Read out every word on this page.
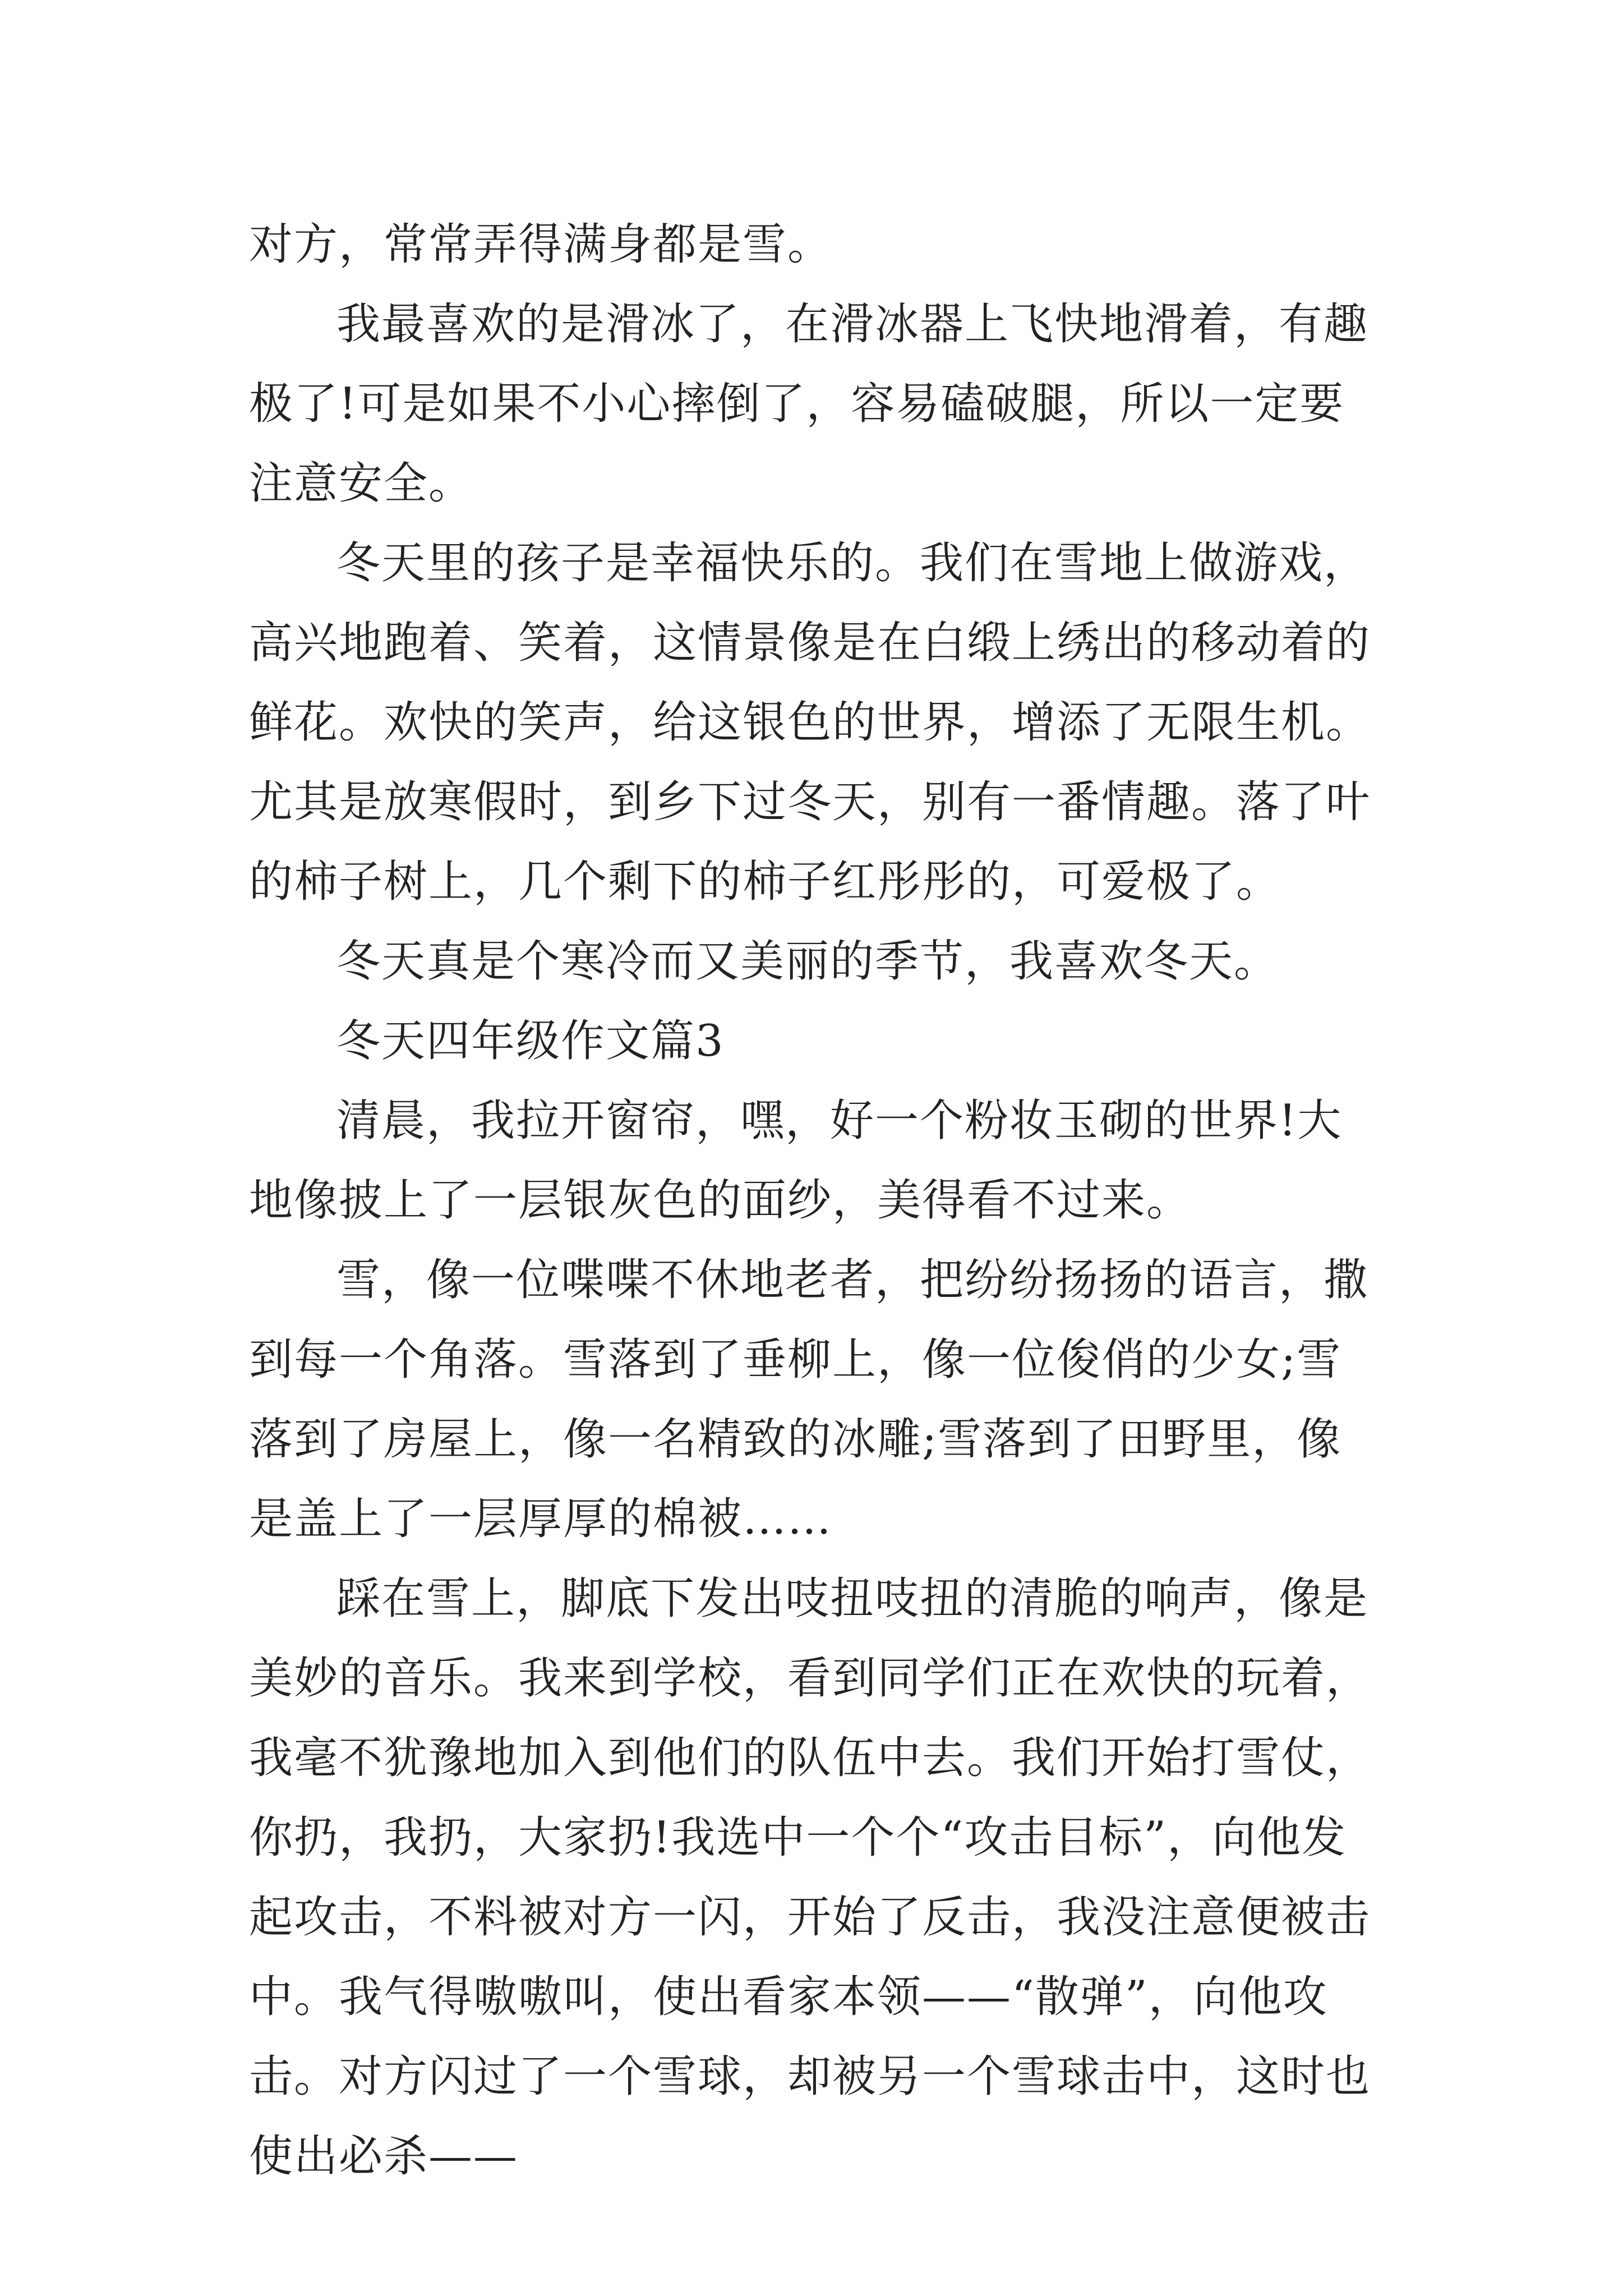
对方，常常弄得满身都是雪。

我最喜欢的是滑冰了，在滑冰器上飞快地滑着，有趣极了!可是如果不小心摔倒了，容易磕破腿，所以一定要注意安全。

冬天里的孩子是幸福快乐的。我们在雪地上做游戏，高兴地跑着、笑着，这情景像是在白缎上绣出的移动着的鲜花。欢快的笑声，给这银色的世界，增添了无限生机。尤其是放寒假时，到乡下过冬天，别有一番情趣。落了叶的柿子树上，几个剩下的柿子红彤彤的，可爱极了。

冬天真是个寒冷而又美丽的季节，我喜欢冬天。

冬天四年级作文篇3

清晨，我拉开窗帘，嘿，好一个粉妆玉砌的世界!大地像披上了一层银灰色的面纱，美得看不过来。

雪，像一位喋喋不休地老者，把纷纷扬扬的语言，撒到每一个角落。雪落到了垂柳上，像一位俊俏的少女;雪落到了房屋上，像一名精致的冰雕;雪落到了田野里，像是盖上了一层厚厚的棉被……

踩在雪上，脚底下发出吱扭吱扭的清脆的响声，像是美妙的音乐。我来到学校，看到同学们正在欢快的玩着，我毫不犹豫地加入到他们的队伍中去。我们开始打雪仗，你扔，我扔，大家扔!我选中一个个“攻击目标”，向他发起攻击，不料被对方一闪，开始了反击，我没注意便被击中。我气得嗷嗷叫，使出看家本领——“散弹”，向他攻击。对方闪过了一个雪球，却被另一个雪球击中，这时也使出必杀——
